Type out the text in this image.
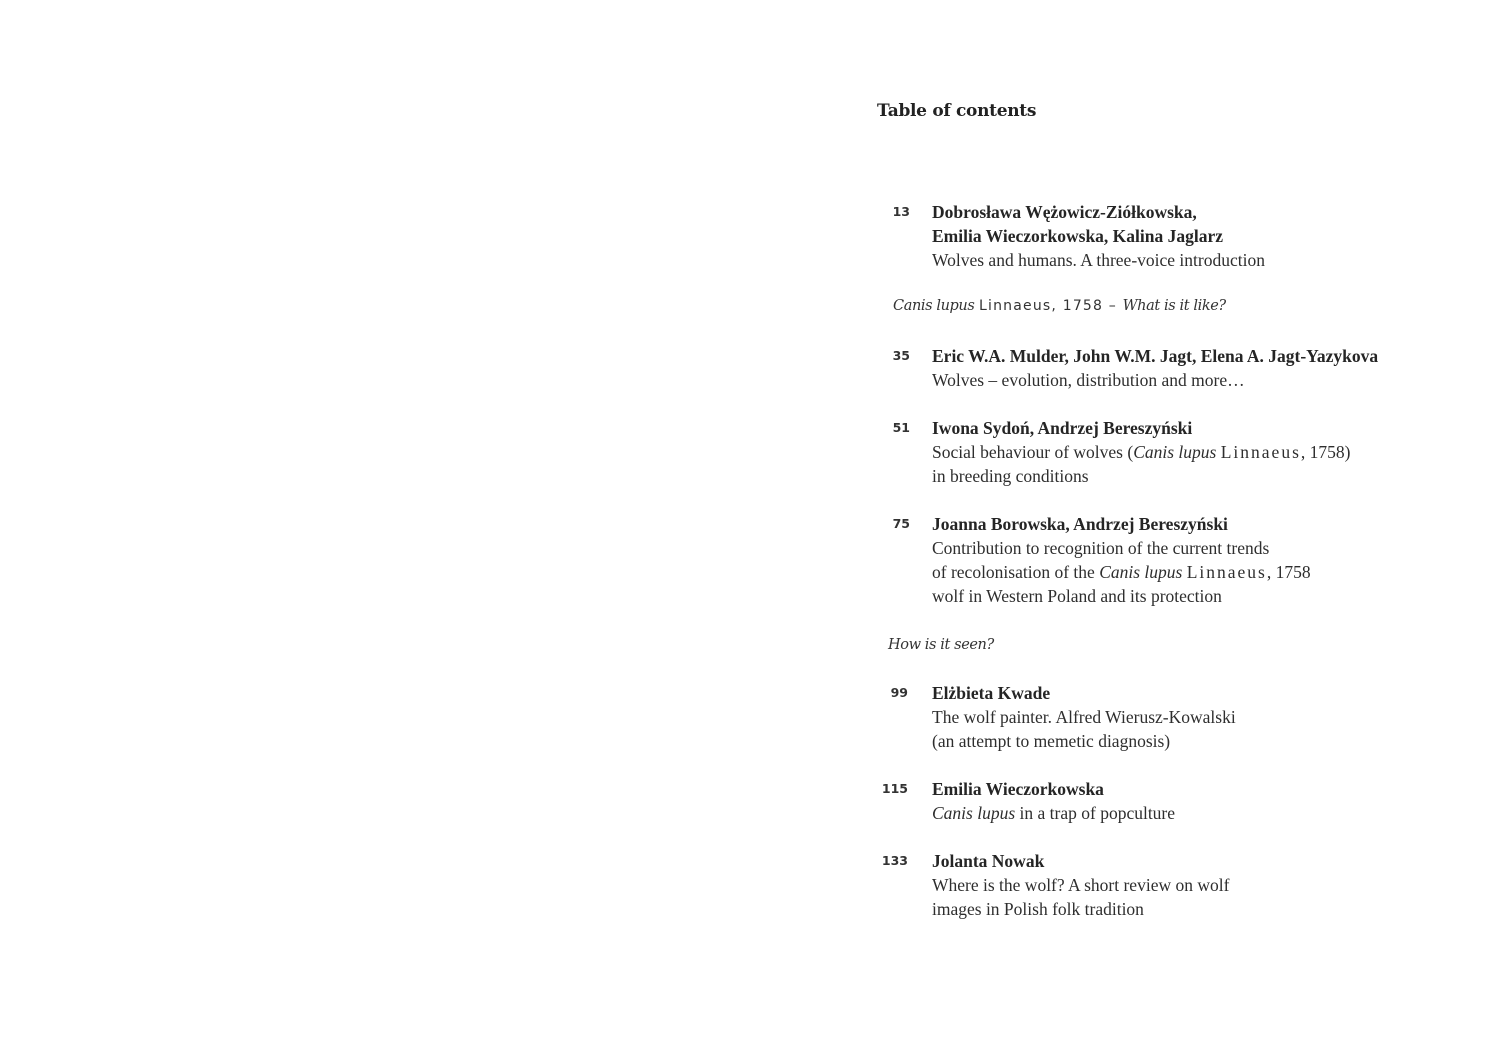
Table of contents
13 Dobrosława Wężowicz-Ziółkowska,
Emilia Wieczorkowska, Kalina Jaglarz
Wolves and humans. A three-voice introduction
Canis lupus Linnaeus, 1758 – What is it like?
35 Eric W.A. Mulder, John W.M. Jagt, Elena A. Jagt-Yazykova
Wolves – evolution, distribution and more…
51 Iwona Sydoń, Andrzej Bereszyński
Social behaviour of wolves (Canis lupus Linnaeus, 1758)
in breeding conditions
75 Joanna Borowska, Andrzej Bereszyński
Contribution to recognition of the current trends
of recolonisation of the Canis lupus Linnaeus, 1758
wolf in Western Poland and its protection
How is it seen?
99 Elżbieta Kwade
The wolf painter. Alfred Wierusz-Kowalski
(an attempt to memetic diagnosis)
115 Emilia Wieczorkowska
Canis lupus in a trap of popculture
133 Jolanta Nowak
Where is the wolf? A short review on wolf
images in Polish folk tradition
